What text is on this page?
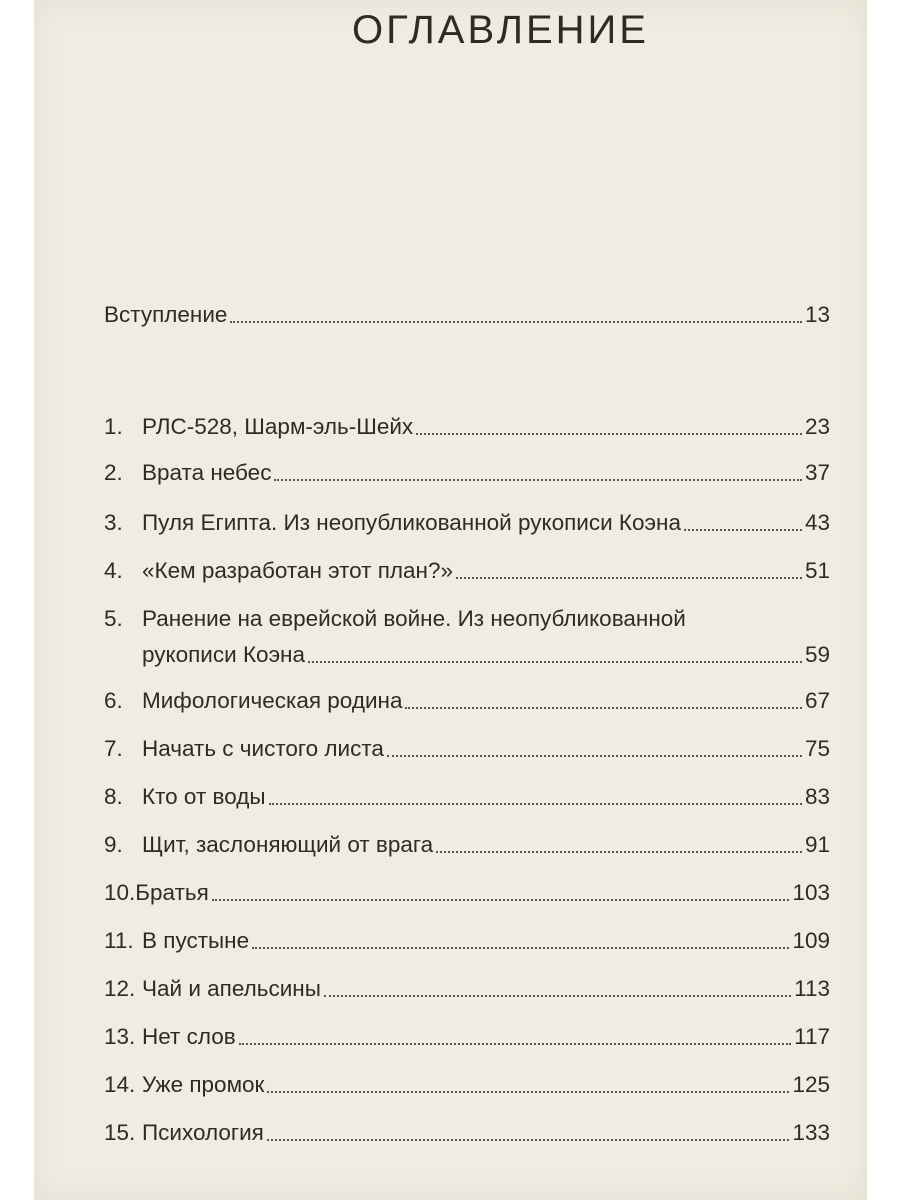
ОГЛАВЛЕНИЕ
Вступление	13
1. РЛС-528, Шарм-эль-Шейх	23
2. Врата небес	37
3. Пуля Египта. Из неопубликованной рукописи Коэна	43
4. «Кем разработан этот план?»	51
5. Ранение на еврейской войне. Из неопубликованной
рукописи Коэна	59
6. Мифологическая родина	67
7. Начать с чистого листа	75
8. Кто от воды	83
9. Щит, заслоняющий от врага	91
10. Братья	103
11. В пустыне	109
12. Чай и апельсины	113
13. Нет слов	117
14. Уже промок	125
15. Психология	133
